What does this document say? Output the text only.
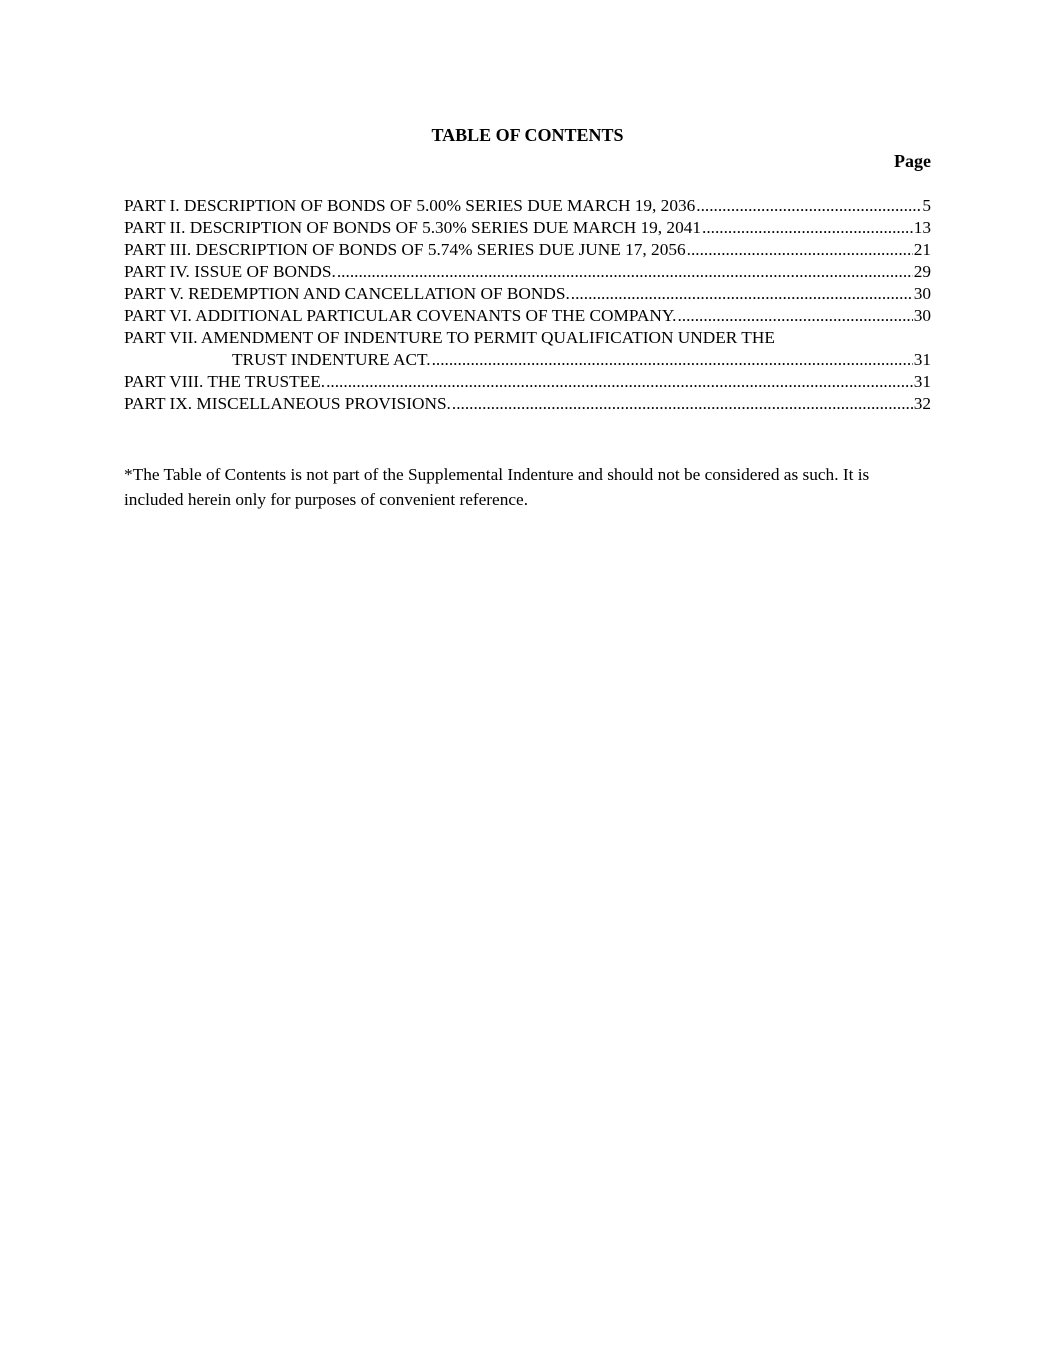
TABLE OF CONTENTS
Page
PART I. DESCRIPTION OF BONDS OF 5.00% SERIES DUE MARCH 19, 2036 .....	5
PART II. DESCRIPTION OF BONDS OF 5.30% SERIES DUE MARCH 19, 2041 .....	13
PART III. DESCRIPTION OF BONDS OF 5.74% SERIES DUE JUNE 17, 2056 .....	21
PART IV. ISSUE OF BONDS. .....	29
PART V. REDEMPTION AND CANCELLATION OF BONDS. .....	30
PART VI. ADDITIONAL PARTICULAR COVENANTS OF THE COMPANY. .....	30
PART VII. AMENDMENT OF INDENTURE TO PERMIT QUALIFICATION UNDER THE
TRUST INDENTURE ACT. .....	31
PART VIII. THE TRUSTEE. .....	31
PART IX. MISCELLANEOUS PROVISIONS. .....	32

*The Table of Contents is not part of the Supplemental Indenture and should not be considered as such. It is included herein only for purposes of convenient reference.
